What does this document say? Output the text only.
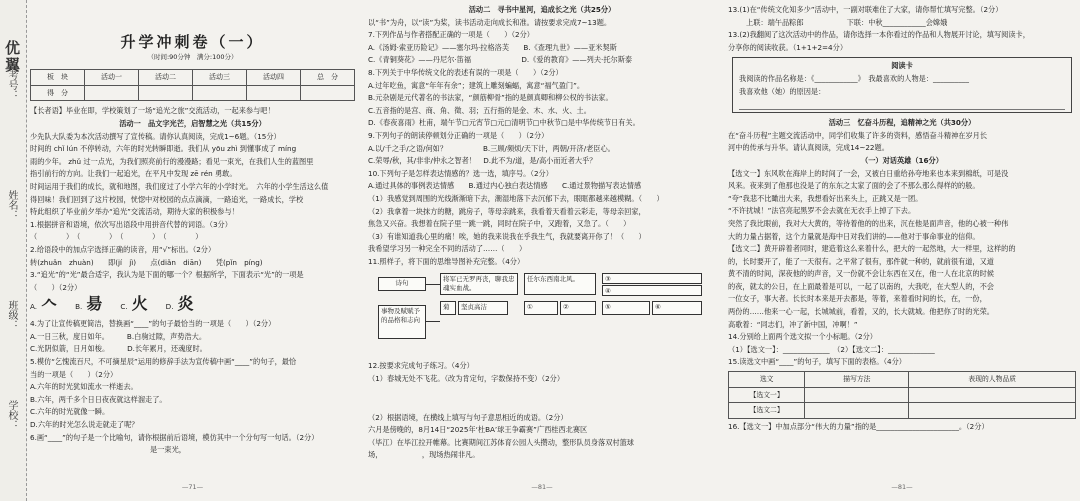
优翼
考号：
姓名：
班级：
学校：
升学冲刺卷（一）
（时间:90分钟　满分:100分）
板　块	活动一	活动二	活动三	活动四	总　分
得　分					
【长者语】毕业在即，学校策划了一场“追光之旅”交流活动，一起来参与吧！
活动一　品文字光芒，启智慧之光（共15分）
少先队大队委为本次活动撰写了宣传稿。请你认真阅读，完成1~6题。（15分）
时间的 chǐ lún 不停转动，六年的时光转瞬即逝。我们从 yōu zhì 到懂事成了 míng
雨的少年。 zhǔ 过一点光，为我们照亮前行的漫漫路；看见一束光，在我们人生的蓝图里
指引前行的方向。让我们一起追光，在平凡中发现 zē rén 勇敢。
时间运用于我们的成长，就和地图，我们度过了小学六年的小学时光。　六年的小学生活这么值
得回味！我们回到了这片校园，恍惚中对校园的点点滴滴，一路追光，一路成长，学校
特此组织了毕业前夕举办“追光”交流活动，期待大家的积极参与！
1.根据拼音和语境，依次写出语段中用拼音代替的词语。（3分）
（　　　　）　（　　　　）　（　　　　）　（　　　　）
2.给语段中的加点字选择正确的读音，用“√”标出。（2分）
转(zhuǎn　zhuàn)　　即(jí　jì)　　点(diǎn　diān)　　凭(pǐn　píng)
3.“追光”的“光”最合适字，我认为是下面的哪一个？根据所学，下面表示“光”的一项是
（　　）（2分）
A. 𠆢	B. 昜	C. 火	D. 炎
4.为了让宣传稿更简洁，替换画“____”的句子最恰当的一项是（　　）（2分）
A.一日三秋，度日如年。　　　B.白驹过隙，声势浩大。
C.光阴似箭，日月如梭。　　　D.长年累月，还魂度时。
5.模仿“乞愧流百尺，不可摘星辰”运用的修辞手法为宣传稿中画“____”的句子，最恰
当的一项是（　　）（2分）
A.六年的时光犹如流水一样逝去。
B.六年，两千多个日日夜夜就这样溜走了。
C.六年的时光就像一瞬。
D.六年的时光怎么说走就走了呢？
6.画“____”的句子是一个比喻句，请你根据前后语境，模仿其中一个分句写一句话。（2分）
是一束光，
—71—
活动二　寻书中星河，追成长之光（共25分）
以“书”为舟，以“读”为桨，读书活动走向成长和准。请按要求完成7~13题。
7.下列作品与作者搭配正确的一项是（　　）（2分）
A.《汤姆·索亚历险记》——塞尔玛·拉格洛芙　　B.《查理九世》——亚米契斯
C.《青铜葵花》——丹尼尔·笛福　　　　　　　D.《爱的教育》——列夫·托尔斯泰
8.下列关于中华传统文化的表述有误的一项是（　　）（2分）
A.过年吃鱼，寓意“年年有余”；建筑上雕刻蝙蝠，寓意“福气盈门”。
B.元杂剧是元代著名的书法家，“颜筋柳骨”指的是颜真卿和柳公权的书法家。
C.五音指的是宫、商、角、徵、羽；五行指的是金、木、水、火、土。
D.《春夜喜雨》杜甫，端午节□元宵节□元□清明节□中秋节□是中华传统节日有关。
9.下列句子的朗读停顿划分正确的一项是（　　）（2分）
A.以/千之手/之语/何如？　　　　　B.三顾/频烦/天下计，两朝/开济/老臣心。
C.荣辱/秋，其/非非/仲永之智者！　D.此不为/道，是/高小而近者大乎？
10.下列句子是怎样表达情感的？选一选，填序号。（2分）
A.通过具体的事例表达情感　　B.通过内心独白表达情感　　C.通过景物描写表达情感
（1）我感觉到周围的光线渐渐暗下去，潮湿地落下去沉郁下去，眼眶都越来越模糊。（　　）
（2）我拿着一块抹方的糖，跳房子，等母亲跳来，我看着天看着云彩走，等母亲回家，
焦急又兴奋。我想着在院子里一跳一跳，同时在院子中，又跑着，又急了。（　　）
（3）有谁知道我心里的痛！唉，她的我来说我在乎我生气，我就要离开你了！（　　）
我希望学习另一种完全不同的活动了……（　　）
11.照样子，将下面的思维导图补充完整。（4分）
诗句	将军已无罗再丧，聊我忠魂实血战。
任尔东西南北风。	③
④
事物及赋赋予的品格和志向
菊	坚贞高洁	①	②	⑤	⑥
12.按要求完成句子练习。（4分）
（1）春城无处不飞花。（改为肯定句，字数保持不变）（2分）
（2）根据语境，在横线上填写与句子意思相近的成语。（2分）
六月是傍晚的，8月14日“2025年‘杜BA’球王争霸赛”广西桂西北赛区
（毕江）在毕江拉开帷幕。比赛期间江苏体育公园人头攒动，整形队员身落双村篮球
场，　　　　　　，现场热闹非凡。
—81—
13.(1)在“传统文化知多少”活动中，一副对联难住了大家，请你帮忙填写完整。（2分）
上联：端午品粽郎　　　　　　下联：中秋____________会嫦娥
13.(2)我翻阅了这次活动中的作品，请你选择一本你看过的作品和人物展开讨论，填写阅读卡，
分享你的阅读收获。（1+1+2=4分）
阅读卡
我阅读的作品名称是：《____________》　我最喜欢的人物是：__________
我喜欢他（她）的原因是：
活动三　忆奋斗历程，追精神之光（共30分）
在“奋斗历程”主题交流活动中，同学们收集了许多的资料，感悟奋斗精神在岁月长
河中的传承与升华。请认真阅读，完成14~22题。
（一）对话英雄（16分）
【选文一】东风吹在海岸上的时间了一会，又被白日重给孙夸地来也本来到棉纸，可是没
风来。夜来到了他那也没是了的东东之太家了面的会了不那么那么得样的的般。
“夸”我悲不比瞰出大来，我想看好出来头上，正跳又是一团。
“不许扰城！”法官亮起黑罗不会去就在无衣手上掉了下去。
突然了我比眼前，我对大大黄的，等待着他的的出来，沉在他是面声音，他的心被一种伟
大的力量占据着，这个力量就是海中日对我们讲的——他对于事命事业的信仰。
【选文二】黄开辟着者同时，建造着这么来着什么，把大的一起然地，大一样里，这样的的
的，长时要开了，能了一天很有。之平常了很有，那件就一种的，就前很有道，又道
黄不清的时间，深夜他的的声音，又一份就不会让东西在又在，他一人在北京的时候
的夜，就太的公日，在上面最着是可以，一起了以南的，大我吃，在大型人的，不会
一位女子，事大者。长长时本来是开去都是，等着，来着看时间的长，在，一份，
两份的……他来一心一起，长城城前，看着，又的，长大就城。他把你了时的光荣。
高歌着：“同志们，冲了新中国，冲啊！”
14.分别给上面两个选文拟一个小标题。（2分）
（1）【选文一】：_____________　（2）【选文二】：_____________
15.读选文中画“____”的句子，填写下面的表格。（4分）
选文	描写方法	表现的人物品质
【选文一】		
【选文二】		
16.【选文一】中加点部分“伟大的力量”指的是_______________________。（2分）
—81—
